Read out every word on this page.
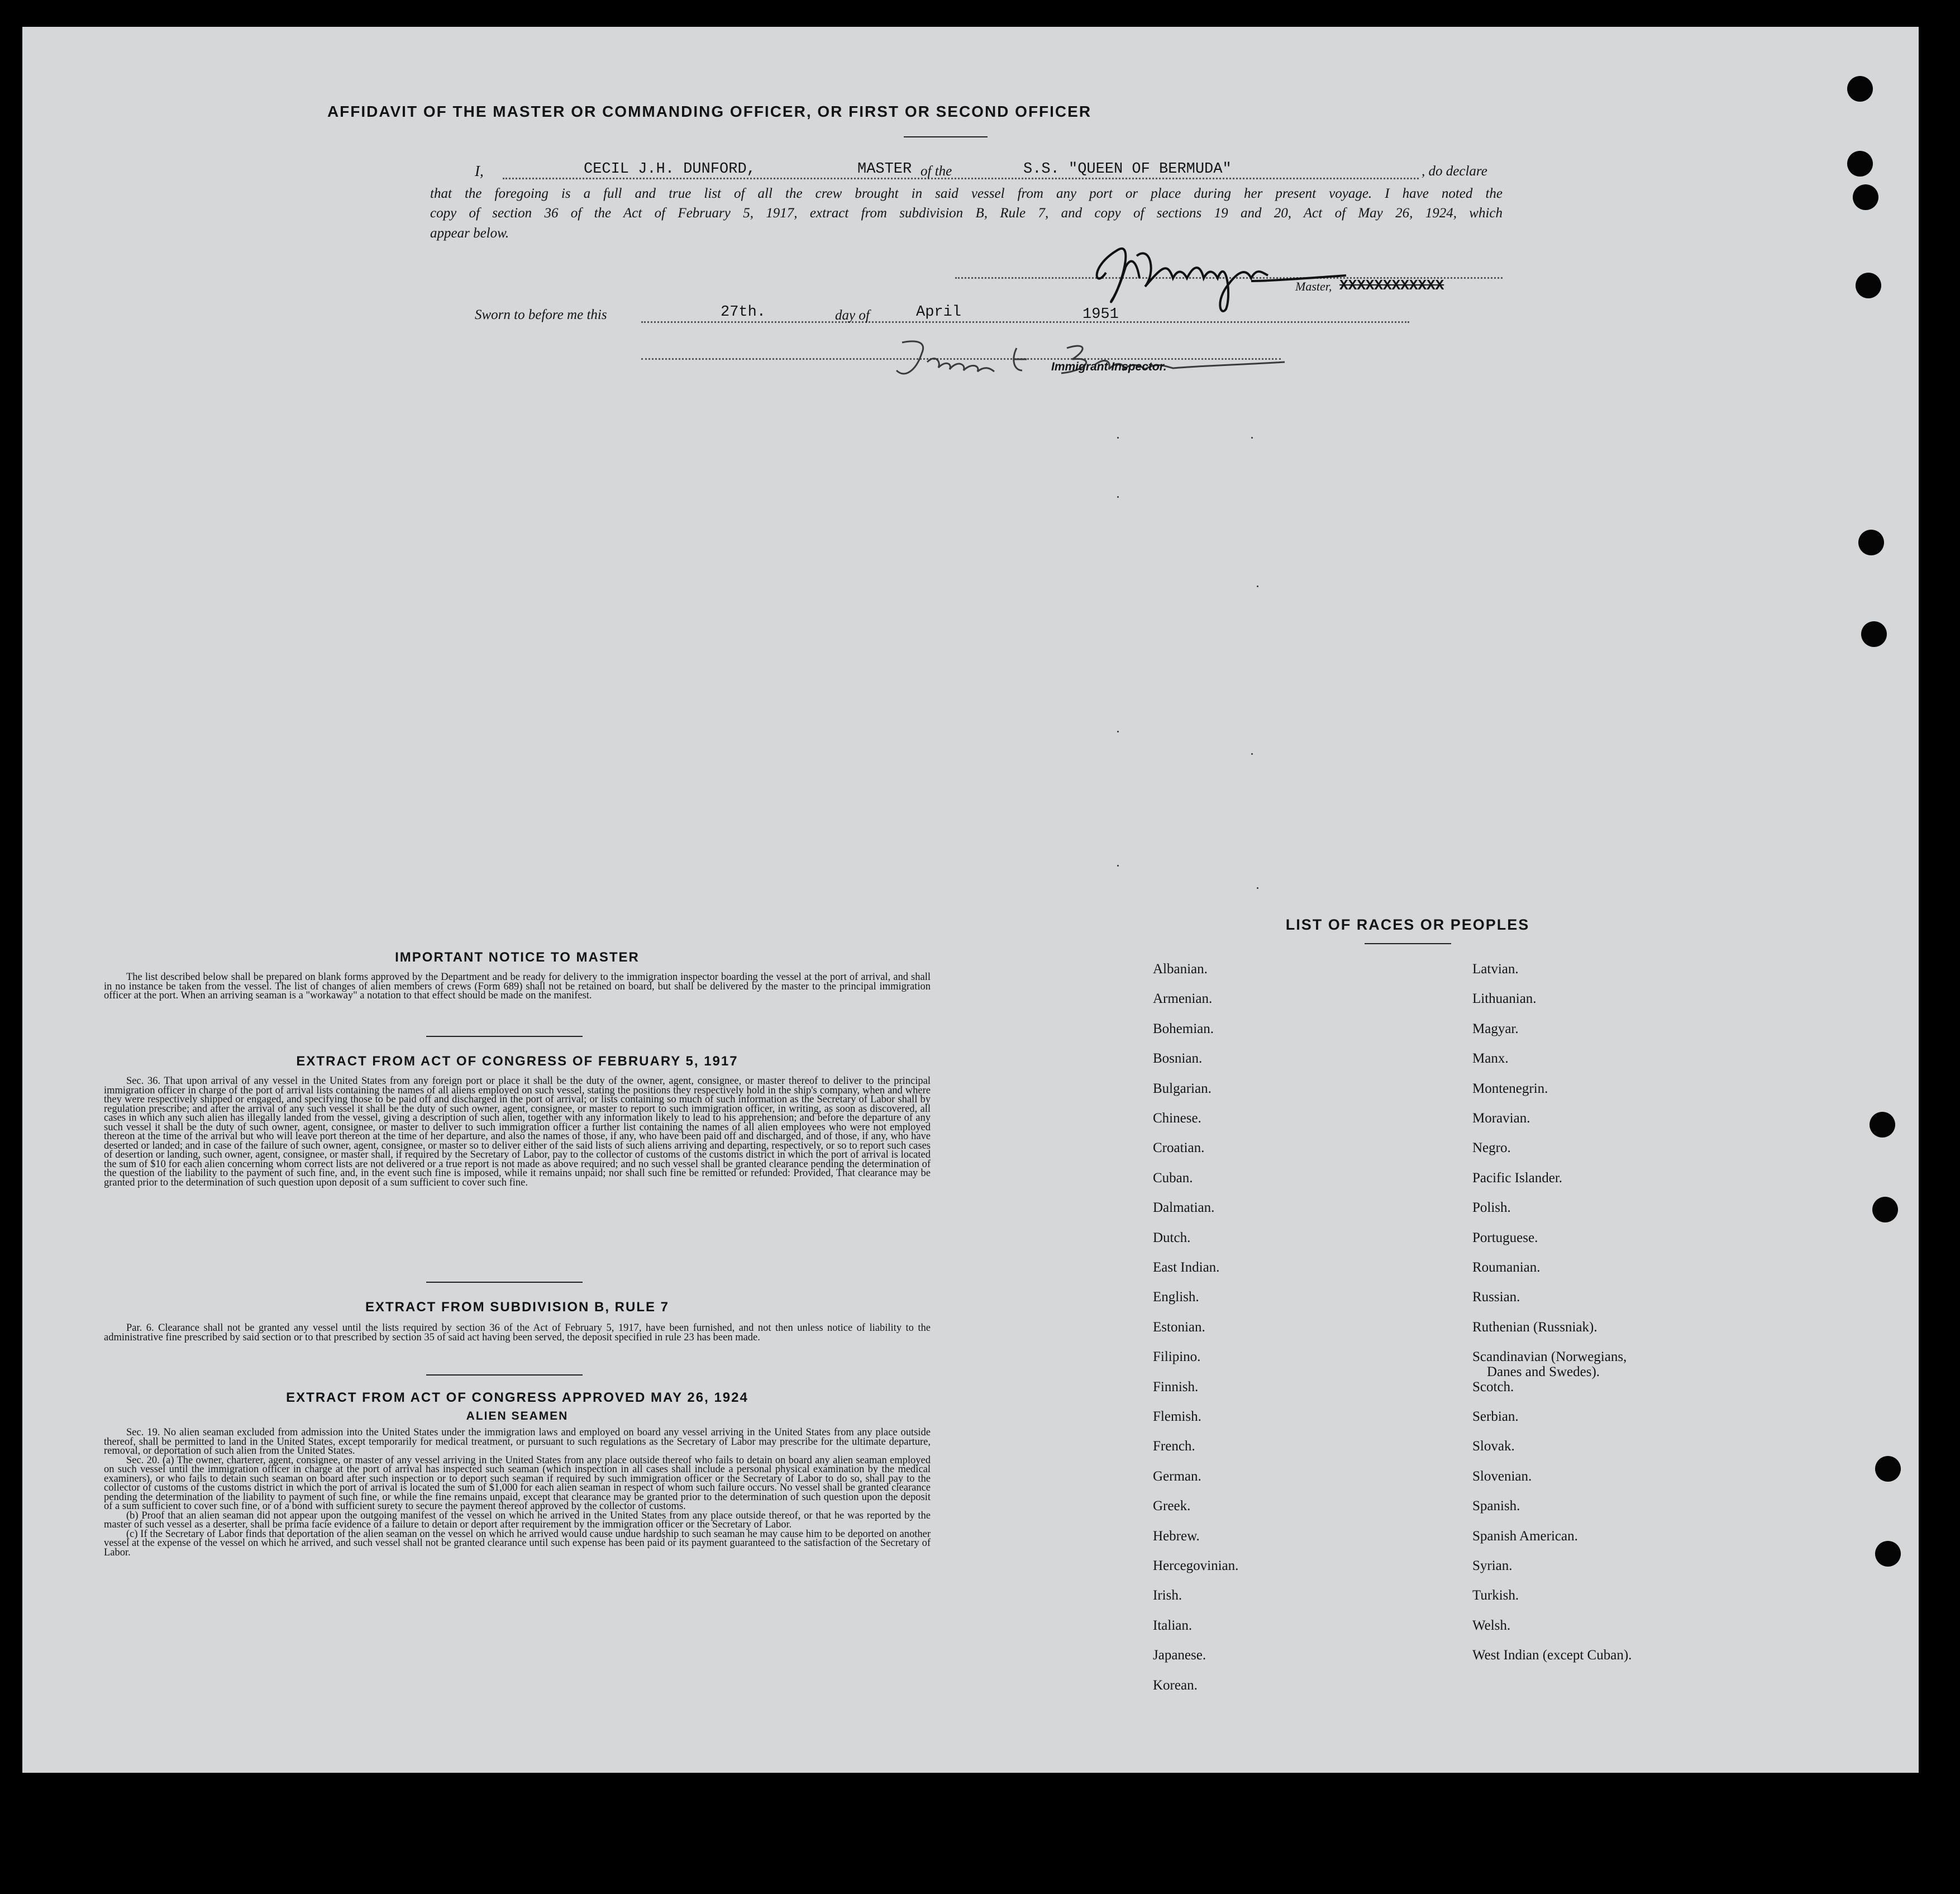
AFFIDAVIT OF THE MASTER OR COMMANDING OFFICER, OR FIRST OR SECOND OFFICER
I,	CECIL J.H. DUNFORD,	MASTER of the	S.S. "QUEEN OF BERMUDA"	, do declare
that the foregoing is a full and true list of all the crew brought in said vessel from any port or place during her present voyage. I have noted the
copy of section 36 of the Act of February 5, 1917, extract from subdivision B, Rule 7, and copy of sections 19 and 20, Act of May 26, 1924, which
appear below.
Master, XXXXXXXXXXXX
Sworn to before me this	27th.	day of	April	1951
Immigrant Inspector.
IMPORTANT NOTICE TO MASTER

The list described below shall be prepared on blank forms approved by the Department and be ready for delivery to the immigration inspector boarding the vessel at the port of arrival, and shall in no instance be taken from the vessel. The list of changes of alien members of crews (Form 689) shall not be retained on board, but shall be delivered by the master to the principal immigration officer at the port. When an arriving seaman is a "workaway" a notation to that effect should be made on the manifest.

EXTRACT FROM ACT OF CONGRESS OF FEBRUARY 5, 1917

Sec. 36. That upon arrival of any vessel in the United States from any foreign port or place it shall be the duty of the owner, agent, consignee, or master thereof to deliver to the principal immigration officer in charge of the port of arrival lists containing the names of all aliens employed on such vessel, stating the positions they respectively hold in the ship's company, when and where they were respectively shipped or engaged, and specifying those to be paid off and discharged in the port of arrival; or lists containing so much of such information as the Secretary of Labor shall by regulation prescribe; and after the arrival of any such vessel it shall be the duty of such owner, agent, consignee, or master to report to such immigration officer, in writing, as soon as discovered, all cases in which any such alien has illegally landed from the vessel, giving a description of such alien, together with any information likely to lead to his apprehension; and before the departure of any such vessel it shall be the duty of such owner, agent, consignee, or master to deliver to such immigration officer a further list containing the names of all alien employees who were not employed thereon at the time of the arrival but who will leave port thereon at the time of her departure, and also the names of those, if any, who have been paid off and discharged, and of those, if any, who have deserted or landed; and in case of the failure of such owner, agent, consignee, or master so to deliver either of the said lists of such aliens arriving and departing, respectively, or so to report such cases of desertion or landing, such owner, agent, consignee, or master shall, if required by the Secretary of Labor, pay to the collector of customs of the customs district in which the port of arrival is located the sum of $10 for each alien concerning whom correct lists are not delivered or a true report is not made as above required; and no such vessel shall be granted clearance pending the determination of the question of the liability to the payment of such fine, and, in the event such fine is imposed, while it remains unpaid; nor shall such fine be remitted or refunded: Provided, That clearance may be granted prior to the determination of such question upon deposit of a sum sufficient to cover such fine.

EXTRACT FROM SUBDIVISION B, RULE 7

Par. 6. Clearance shall not be granted any vessel until the lists required by section 36 of the Act of February 5, 1917, have been furnished, and not then unless notice of liability to the administrative fine prescribed by said section or to that prescribed by section 35 of said act having been served, the deposit specified in rule 23 has been made.

EXTRACT FROM ACT OF CONGRESS APPROVED MAY 26, 1924
ALIEN SEAMEN

Sec. 19. No alien seaman excluded from admission into the United States under the immigration laws and employed on board any vessel arriving in the United States from any place outside thereof, shall be permitted to land in the United States, except temporarily for medical treatment, or pursuant to such regulations as the Secretary of Labor may prescribe for the ultimate departure, removal, or deportation of such alien from the United States.

Sec. 20. (a) The owner, charterer, agent, consignee, or master of any vessel arriving in the United States from any place outside thereof who fails to detain on board any alien seaman employed on such vessel until the immigration officer in charge at the port of arrival has inspected such seaman (which inspection in all cases shall include a personal physical examination by the medical examiners), or who fails to detain such seaman on board after such inspection or to deport such seaman if required by such immigration officer or the Secretary of Labor to do so, shall pay to the collector of customs of the customs district in which the port of arrival is located the sum of $1,000 for each alien seaman in respect of whom such failure occurs. No vessel shall be granted clearance pending the determination of the liability to payment of such fine, or while the fine remains unpaid, except that clearance may be granted prior to the determination of such question upon the deposit of a sum sufficient to cover such fine, or of a bond with sufficient surety to secure the payment thereof approved by the collector of customs.

(b) Proof that an alien seaman did not appear upon the outgoing manifest of the vessel on which he arrived in the United States from any place outside thereof, or that he was reported by the master of such vessel as a deserter, shall be prima facie evidence of a failure to detain or deport after requirement by the immigration officer or the Secretary of Labor.

(c) If the Secretary of Labor finds that deportation of the alien seaman on the vessel on which he arrived would cause undue hardship to such seaman he may cause him to be deported on another vessel at the expense of the vessel on which he arrived, and such vessel shall not be granted clearance until such expense has been paid or its payment guaranteed to the satisfaction of the Secretary of Labor.

LIST OF RACES OR PEOPLES
Albanian.
Armenian.
Bohemian.
Bosnian.
Bulgarian.
Chinese.
Croatian.
Cuban.
Dalmatian.
Dutch.
East Indian.
English.
Estonian.
Filipino.
Finnish.
Flemish.
French.
German.
Greek.
Hebrew.
Hercegovinian.
Irish.
Italian.
Japanese.
Korean.
Latvian.
Lithuanian.
Magyar.
Manx.
Montenegrin.
Moravian.
Negro.
Pacific Islander.
Polish.
Portuguese.
Roumanian.
Russian.
Ruthenian (Russniak).
Scandinavian (Norwegians,
Danes and Swedes).
Scotch.
Serbian.
Slovak.
Slovenian.
Spanish.
Spanish American.
Syrian.
Turkish.
Welsh.
West Indian (except Cuban).
